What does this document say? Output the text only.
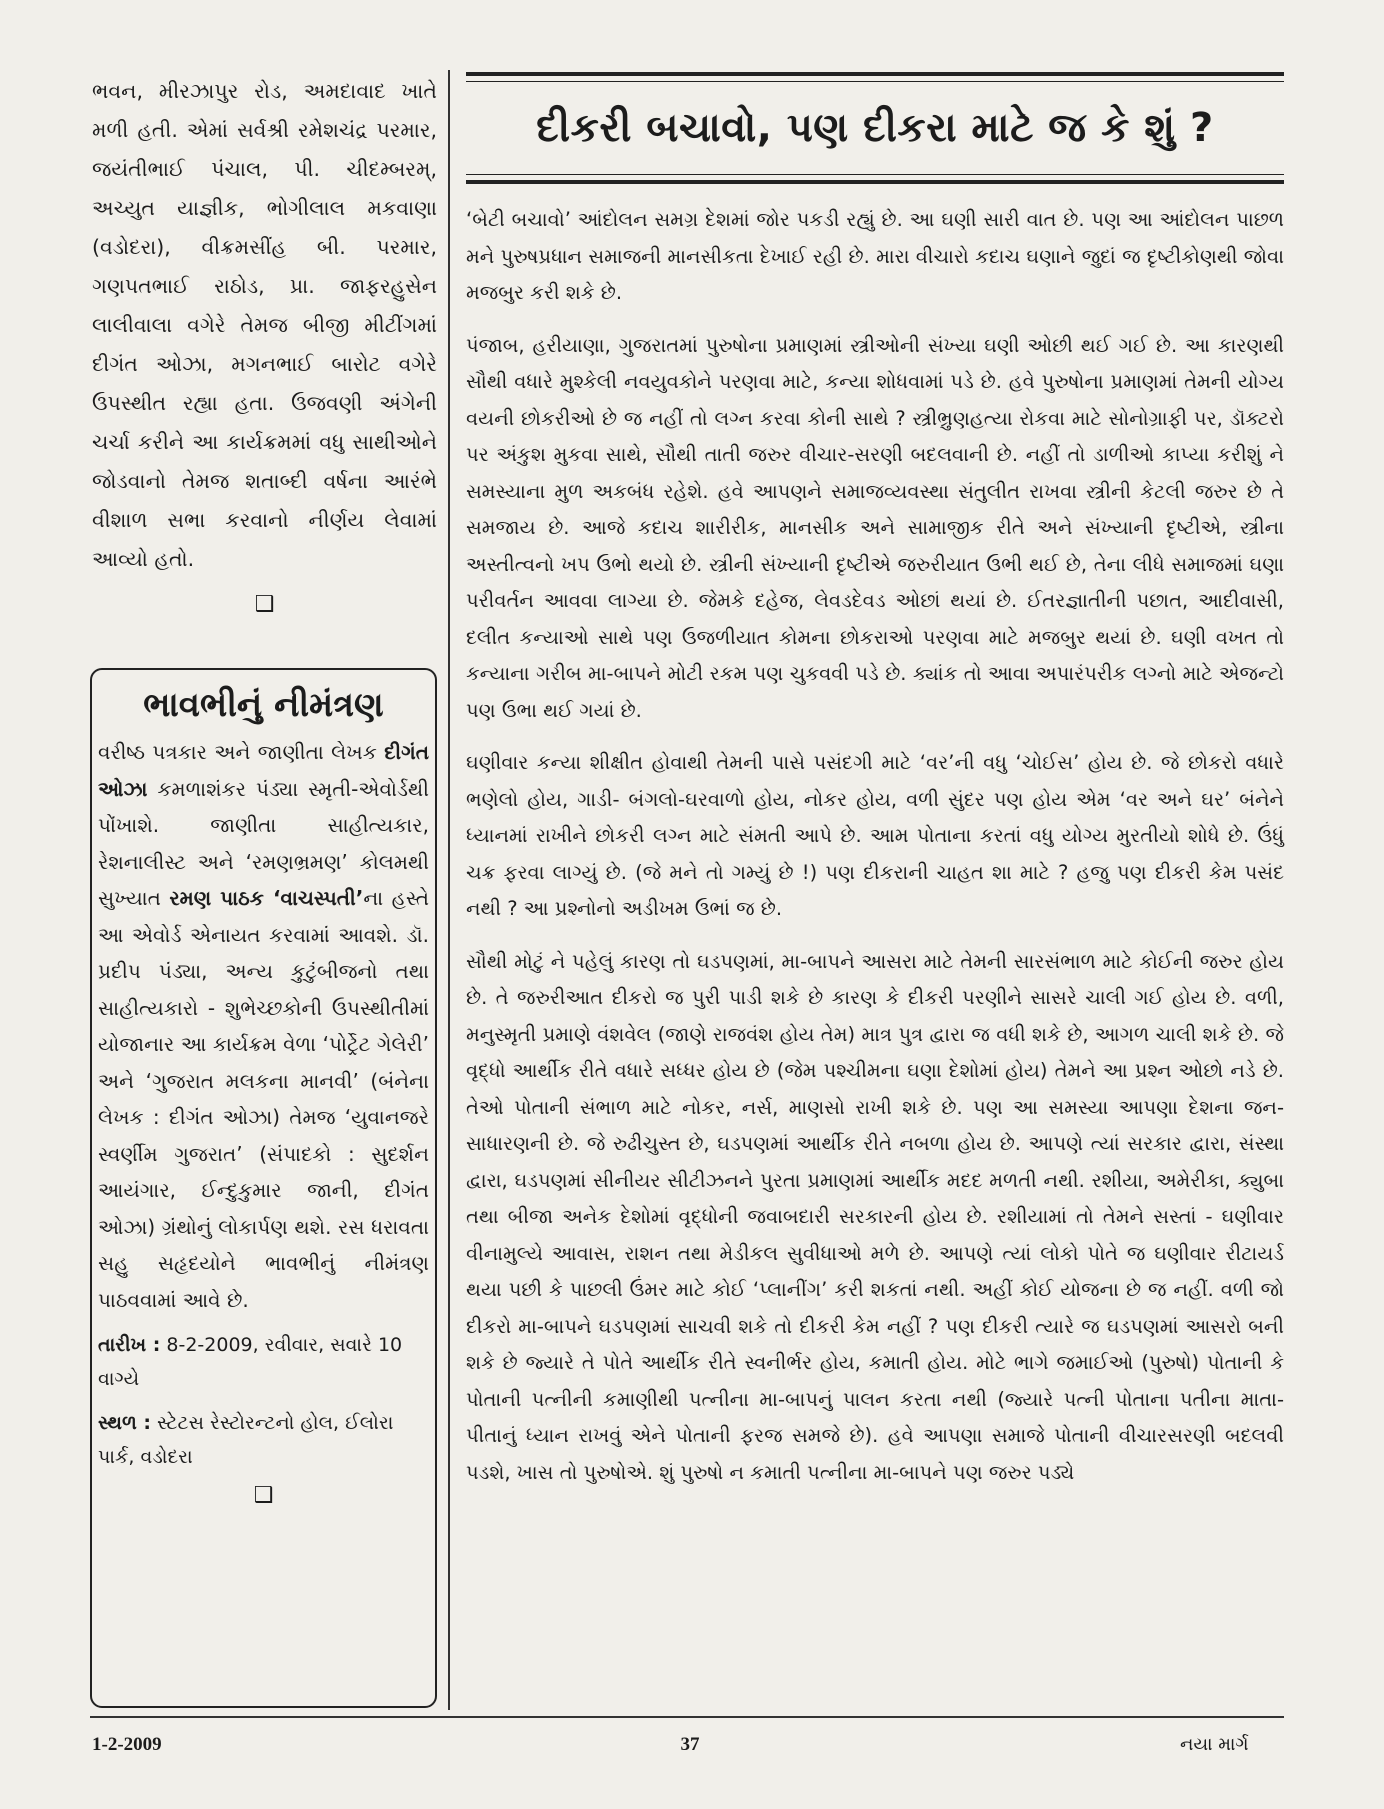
ભવન, મીરઝાપુર રોડ, અમદાવાદ ખાતે મળી હતી. એમાં સર્વશ્રી રમેશચંદ્ર પરમાર, જયંતીભાઈ પંચાલ, પી. ચીદમ્બરમ્, અચ્યુત યાજ્ઞીક, ભોગીલાલ મકવાણા (વડોદરા), વીક્રમસીંહ બી. પરમાર, ગણપતભાઈ રાઠોડ, પ્રા. જાફરહુસેન લાલીવાલા વગેરે તેમજ બીજી મીટીંગમાં દીગંત ઓઝા, મગનભાઈ બારોટ વગેરે ઉપસ્થીત રહ્યા હતા. ઉજવણી અંગેની ચર્ચા કરીને આ કાર્યક્રમમાં વધુ સાથીઓને જોડવાનો તેમજ શતાબ્દી વર્ષના આરંભે વીશાળ સભા કરવાનો નીર્ણય લેવામાં આવ્યો હતો.

❑
ભાવભીનું નીમંત્રણ

વરીષ્ઠ પત્રકાર અને જાણીતા લેખક દીગંત ઓઝા કમળાશંકર પંડ્યા સ્મૃતી-એવોર્ડથી પોંખાશે. જાણીતા સાહીત્યકાર, રેશનાલીસ્ટ અને ‘રમણભ્રમણ’ કોલમથી સુખ્યાત રમણ પાઠક ‘વાચસ્પતી’ના હસ્તે આ એવોર્ડ એનાયત કરવામાં આવશે. ડૉ. પ્રદીપ પંડ્યા, અન્ય કુટુંબીજનો તથા સાહીત્યકારો - શુભેચ્છકોની ઉપસ્થીતીમાં યોજાનાર આ કાર્યક્રમ વેળા ‘પોર્ટ્રેટ ગેલેરી’ અને ‘ગુજરાત મલકના માનવી’ (બંનેના લેખક : દીગંત ઓઝા) તેમજ ‘યુવાનજરે સ્વર્ણીમ ગુજરાત’ (સંપાદકો : સુદર્શન આયંગાર, ઈન્દુકુમાર જાની, દીગંત ઓઝા) ગ્રંથોનું લોકાર્પણ થશે. રસ ધરાવતા સહુ સહૃદયોને ભાવભીનું નીમંત્રણ પાઠવવામાં આવે છે.

તારીખ : 8-2-2009, રવીવાર, સવારે 10 વાગ્યે

સ્થળ : સ્ટેટસ રેસ્ટોરન્ટનો હોલ, ઈલોરા પાર્ક, વડોદરા

❑
દીકરી બચાવો, પણ દીકરા માટે જ કે શું ?

‘બેટી બચાવો’ આંદોલન સમગ્ર દેશમાં જોર પકડી રહ્યું છે. આ ઘણી સારી વાત છે. પણ આ આંદોલન પાછળ મને પુરુષપ્રધાન સમાજની માનસીકતા દેખાઈ રહી છે. મારા વીચારો કદાચ ઘણાને જુદાં જ દૃષ્ટીકોણથી જોવા મજબુર કરી શકે છે.

પંજાબ, હરીયાણા, ગુજરાતમાં પુરુષોના પ્રમાણમાં સ્ત્રીઓની સંખ્યા ઘણી ઓછી થઈ ગઈ છે. આ કારણથી સૌથી વધારે મુશ્કેલી નવયુવકોને પરણવા માટે, કન્યા શોધવામાં પડે છે. હવે પુરુષોના પ્રમાણમાં તેમની યોગ્ય વયની છોકરીઓ છે જ નહીં તો લગ્ન કરવા કોની સાથે ? સ્ત્રીભ્રુણહત્યા રોકવા માટે સોનોગ્રાફી પર, ડૉક્ટરો પર અંકુશ મુકવા સાથે, સૌથી તાતી જરુર વીચાર-સરણી બદલવાની છે. નહીં તો ડાળીઓ કાપ્યા કરીશું ને સમસ્યાના મુળ અકબંધ રહેશે. હવે આપણને સમાજવ્યવસ્થા સંતુલીત રાખવા સ્ત્રીની કેટલી જરુર છે તે સમજાય છે. આજે કદાચ શારીરીક, માનસીક અને સામાજીક રીતે અને સંખ્યાની દૃષ્ટીએ, સ્ત્રીના અસ્તીત્વનો ખપ ઉભો થયો છે. સ્ત્રીની સંખ્યાની દૃષ્ટીએ જરુરીયાત ઉભી થઈ છે, તેના લીધે સમાજમાં ઘણા પરીવર્તન આવવા લાગ્યા છે. જેમકે દહેજ, લેવડદેવડ ઓછાં થયાં છે. ઈતરજ્ઞાતીની પછાત, આદીવાસી, દલીત કન્યાઓ સાથે પણ ઉજળીયાત કોમના છોકરાઓ પરણવા માટે મજબુર થયાં છે. ઘણી વખત તો કન્યાના ગરીબ મા-બાપને મોટી રકમ પણ ચુકવવી પડે છે. ક્યાંક તો આવા અપારંપરીક લગ્નો માટે એજન્ટો પણ ઉભા થઈ ગયાં છે.

ઘણીવાર કન્યા શીક્ષીત હોવાથી તેમની પાસે પસંદગી માટે ‘વર’ની વધુ ‘ચોઈસ’ હોય છે. જે છોકરો વધારે ભણેલો હોય, ગાડી- બંગલો-ઘરવાળો હોય, નોકર હોય, વળી સુંદર પણ હોય એમ ‘વર અને ઘર’ બંનેને ધ્યાનમાં રાખીને છોકરી લગ્ન માટે સંમતી આપે છે. આમ પોતાના કરતાં વધુ યોગ્ય મુરતીયો શોધે છે. ઉંધું ચક્ર ફરવા લાગ્યું છે. (જે મને તો ગમ્યું છે !) પણ દીકરાની ચાહત શા માટે ? હજુ પણ દીકરી કેમ પસંદ નથી ? આ પ્રશ્નોનો અડીખમ ઉભાં જ છે.

સૌથી મોટું ને પહેલું કારણ તો ઘડપણમાં, મા-બાપને આસરા માટે તેમની સારસંભાળ માટે કોઈની જરુર હોય છે. તે જરુરીઆત દીકરો જ પુરી પાડી શકે છે કારણ કે દીકરી પરણીને સાસરે ચાલી ગઈ હોય છે. વળી, મનુસ્મૃતી પ્રમાણે વંશવેલ (જાણે રાજવંશ હોય તેમ) માત્ર પુત્ર દ્વારા જ વધી શકે છે, આગળ ચાલી શકે છે. જે વૃદ્ધો આર્થીક રીતે વધારે સધ્ધર હોય છે (જેમ પશ્ચીમના ઘણા દેશોમાં હોય) તેમને આ પ્રશ્ન ઓછો નડે છે. તેઓ પોતાની સંભાળ માટે નોકર, નર્સ, માણસો રાખી શકે છે. પણ આ સમસ્યા આપણા દેશના જન-સાધારણની છે. જે રુઢીચુસ્ત છે, ઘડપણમાં આર્થીક રીતે નબળા હોય છે. આપણે ત્યાં સરકાર દ્વારા, સંસ્થા દ્વારા, ઘડપણમાં સીનીયર સીટીઝનને પુરતા પ્રમાણમાં આર્થીક મદદ મળતી નથી. રશીયા, અમેરીકા, ક્યુબા તથા બીજા અનેક દેશોમાં વૃદ્ધોની જવાબદારી સરકારની હોય છે. રશીયામાં તો તેમને સસ્તાં - ઘણીવાર વીનામુલ્યે આવાસ, રાશન તથા મેડીકલ સુવીધાઓ મળે છે. આપણે ત્યાં લોકો પોતે જ ઘણીવાર રીટાયર્ડ થયા પછી કે પાછલી ઉંમર માટે કોઈ ‘પ્લાનીંગ’ કરી શકતાં નથી. અહીં કોઈ યોજના છે જ નહીં. વળી જો દીકરો મા-બાપને ઘડપણમાં સાચવી શકે તો દીકરી કેમ નહીં ? પણ દીકરી ત્યારે જ ઘડપણમાં આસરો બની શકે છે જ્યારે તે પોતે આર્થીક રીતે સ્વનીર્ભર હોય, કમાતી હોય. મોટે ભાગે જમાઈઓ (પુરુષો) પોતાની કે પોતાની પત્નીની કમાણીથી પત્નીના મા-બાપનું પાલન કરતા નથી (જ્યારે પત્ની પોતાના પતીના માતા-પીતાનું ધ્યાન રાખવું એને પોતાની ફરજ સમજે છે). હવે આપણા સમાજે પોતાની વીચારસરણી બદલવી પડશે, ખાસ તો પુરુષોએ. શું પુરુષો ન કમાતી પત્નીના મા-બાપને પણ જરુર પડ્યે

1-2-2009	37	નયા માર્ગ
